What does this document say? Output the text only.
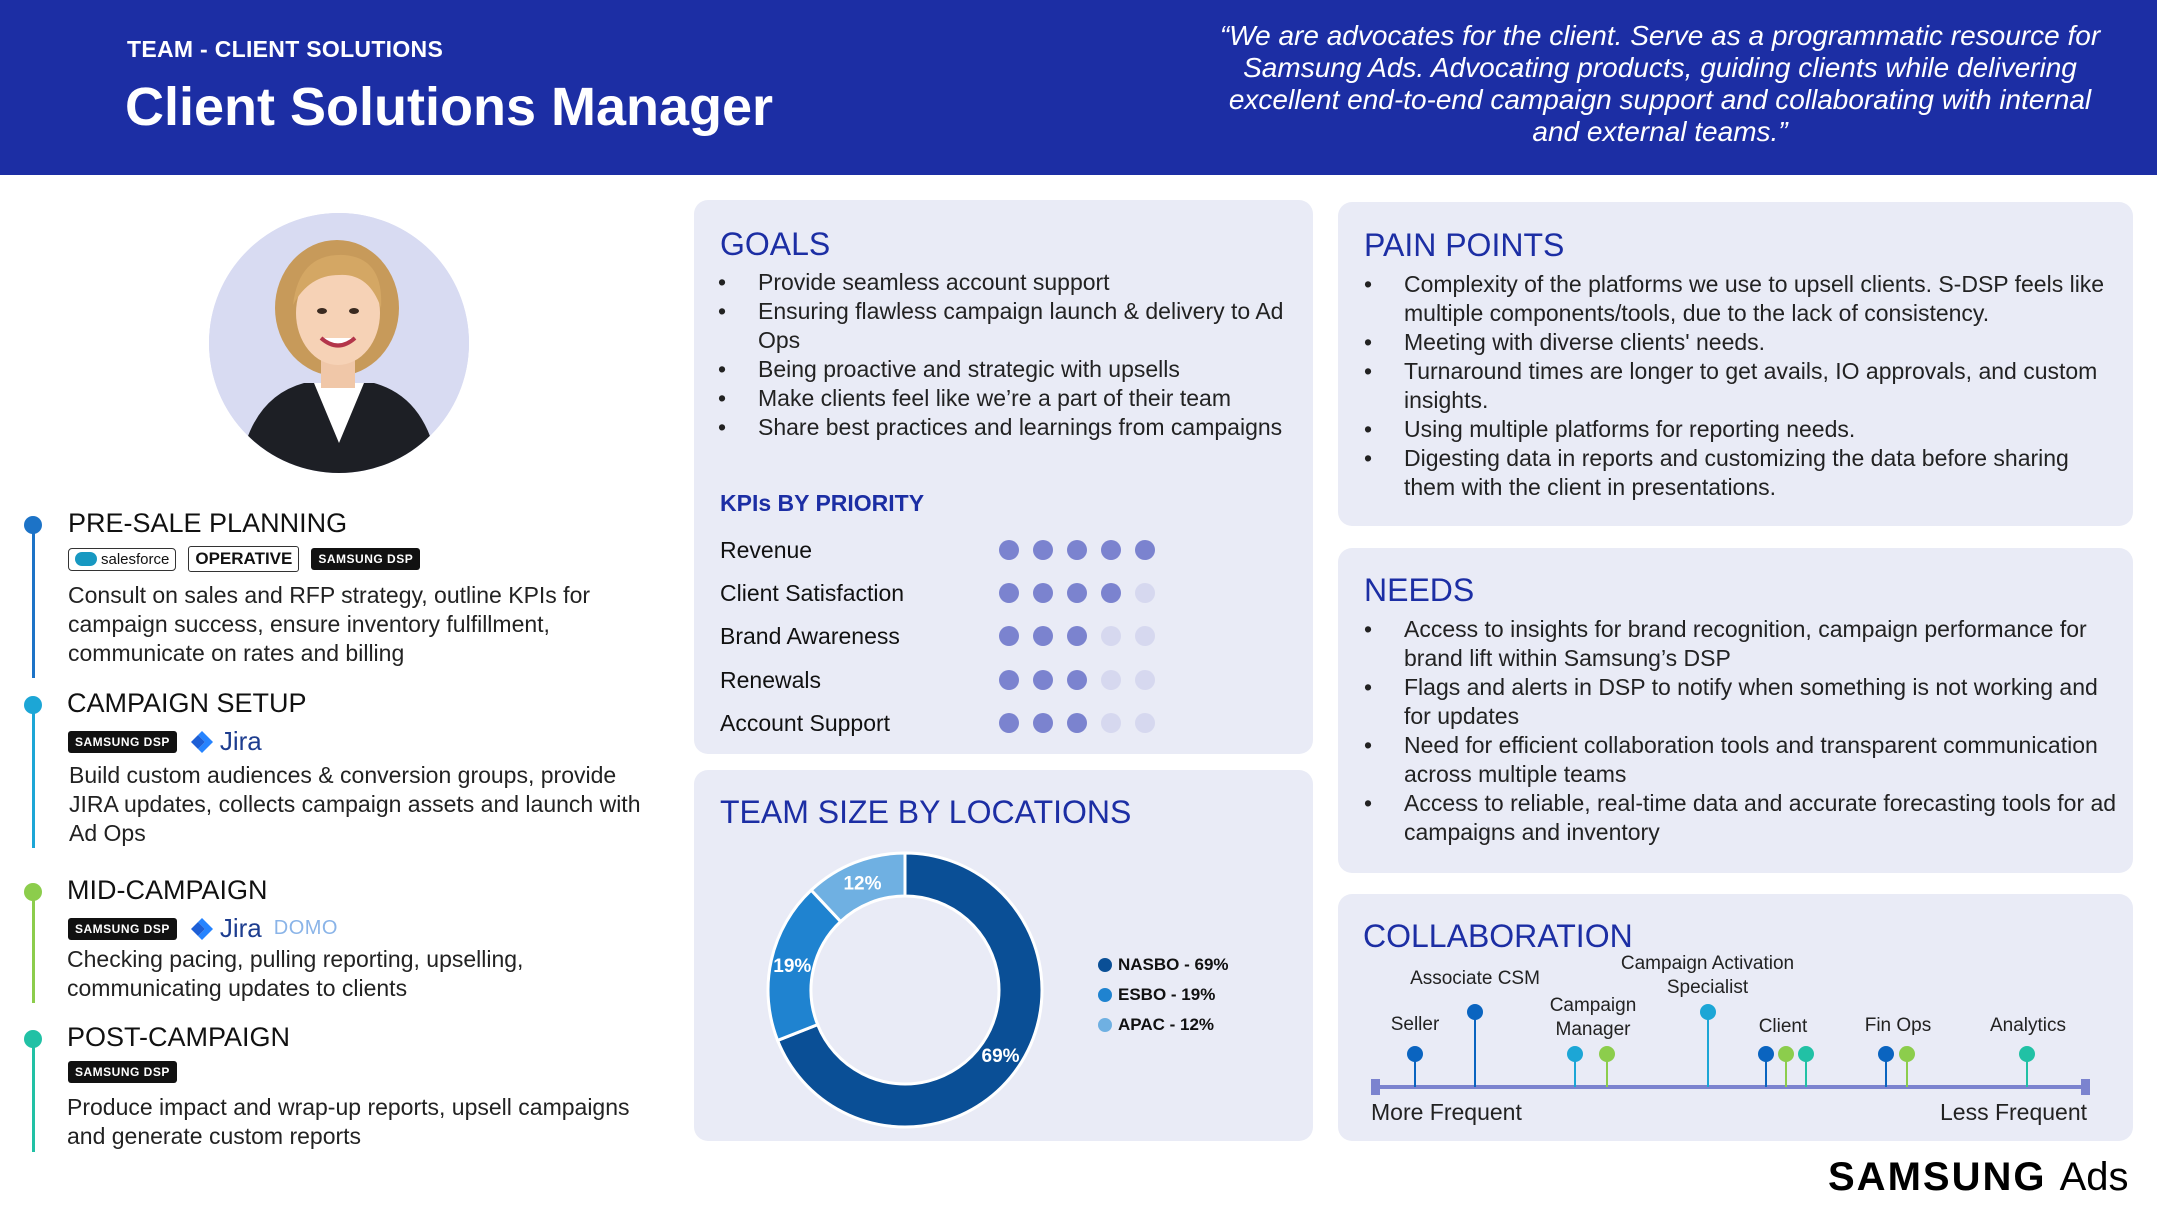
TEAM - CLIENT SOLUTIONS
Client Solutions Manager
“We are advocates for the client. Serve as a programmatic resource for Samsung Ads. Advocating products, guiding clients while delivering excellent end-to-end campaign support and collaborating with internal and external teams.”
PRE-SALE PLANNING
salesforce	OPERATIVE	SAMSUNG DSP
Consult on sales and RFP strategy, outline KPIs for campaign success, ensure inventory fulfillment, communicate on rates and billing
CAMPAIGN SETUP
SAMSUNG DSP Jira
Build custom audiences & conversion groups, provide JIRA updates, collects campaign assets and launch with Ad Ops
MID-CAMPAIGN
SAMSUNG DSP Jira DOMO
Checking pacing, pulling reporting, upselling, communicating updates to clients
POST-CAMPAIGN
SAMSUNG DSP
Produce impact and wrap-up reports, upsell campaigns and generate custom reports
GOALS
• Provide seamless account support
• Ensuring flawless campaign launch & delivery to Ad Ops
• Being proactive and strategic with upsells
• Make clients feel like we’re a part of their team
• Share best practices and learnings from campaigns
KPIs BY PRIORITY
Revenue
Client Satisfaction
Brand Awareness
Renewals
Account Support
TEAM SIZE BY LOCATIONS
69%
19%
12%
NASBO - 69%
ESBO - 19%
APAC - 12%
PAIN POINTS
• Complexity of the platforms we use to upsell clients. S-DSP feels like multiple components/tools, due to the lack of consistency.
• Meeting with diverse clients' needs.
• Turnaround times are longer to get avails, IO approvals, and custom insights.
• Using multiple platforms for reporting needs.
• Digesting data in reports and customizing the data before sharing them with the client in presentations.
NEEDS
• Access to insights for brand recognition, campaign performance for brand lift within Samsung’s DSP
• Flags and alerts in DSP to notify when something is not working and for updates
• Need for efficient collaboration tools and transparent communication across multiple teams
• Access to reliable, real-time data and accurate forecasting tools for ad campaigns and inventory
COLLABORATION
Seller
Associate CSM
Campaign Manager
Campaign Activation Specialist
Client	Fin Ops	Analytics
More Frequent	Less Frequent
SAMSUNG Ads
